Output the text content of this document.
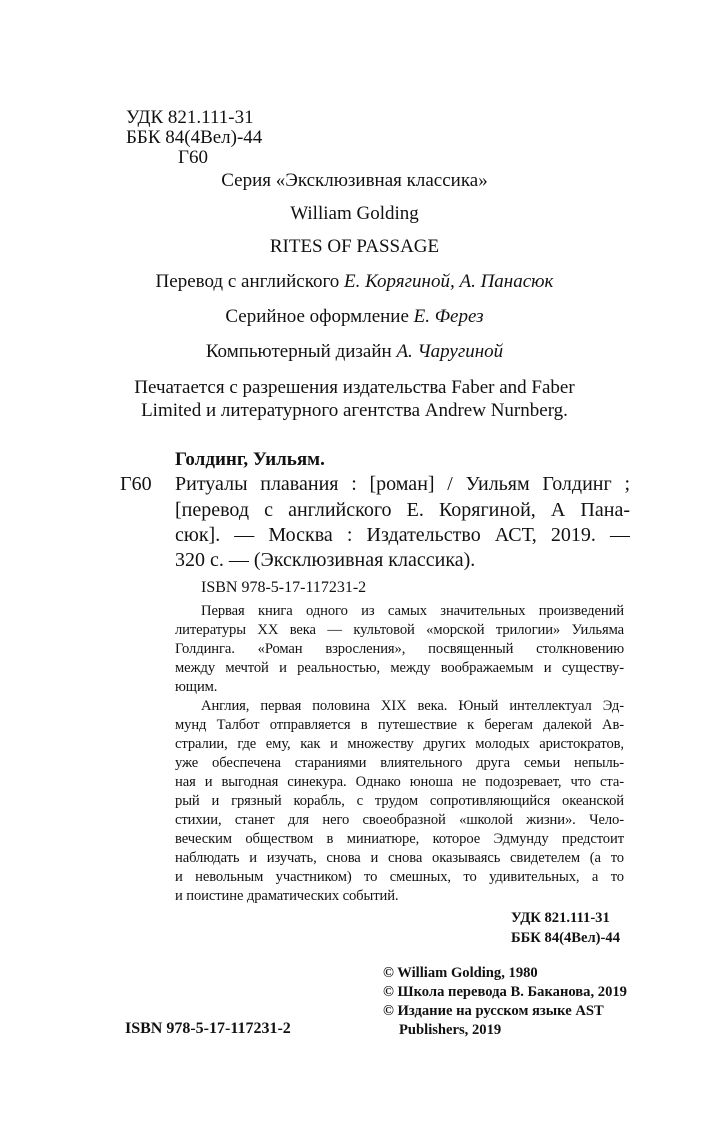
УДК 821.111-31
ББК 84(4Вел)-44
Г60
Серия «Эксклюзивная классика»
William Golding
RITES OF PASSAGE
Перевод с английского Е. Корягиной, А. Панасюк
Серийное оформление Е. Ферез
Компьютерный дизайн А. Чаругиной
Печатается с разрешения издательства Faber and Faber
Limited и литературного агентства Andrew Nurnberg.
Голдинг, Уильям.
Г60 Ритуалы плавания : [роман] / Уильям Голдинг ;
[перевод с английского Е. Корягиной, А Пана-
сюк]. — Москва : Издательство АСТ, 2019. —
320 с. — (Эксклюзивная классика).
ISBN 978-5-17-117231-2
Первая книга одного из самых значительных произведений
литературы XX века — культовой «морской трилогии» Уильяма
Голдинга. «Роман взросления», посвященный столкновению
между мечтой и реальностью, между воображаемым и существу-
ющим.
Англия, первая половина XIX века. Юный интеллектуал Эд-
мунд Талбот отправляется в путешествие к берегам далекой Ав-
стралии, где ему, как и множеству других молодых аристократов,
уже обеспечена стараниями влиятельного друга семьи непыль-
ная и выгодная синекура. Однако юноша не подозревает, что ста-
рый и грязный корабль, с трудом сопротивляющийся океанской
стихии, станет для него своеобразной «школой жизни». Чело-
веческим обществом в миниатюре, которое Эдмунду предстоит
наблюдать и изучать, снова и снова оказываясь свидетелем (а то
и невольным участником) то смешных, то удивительных, а то
и поистине драматических событий.
УДК 821.111-31
ББК 84(4Вел)-44
© William Golding, 1980
© Школа перевода В. Баканова, 2019
© Издание на русском языке AST
Publishers, 2019
ISBN 978-5-17-117231-2
